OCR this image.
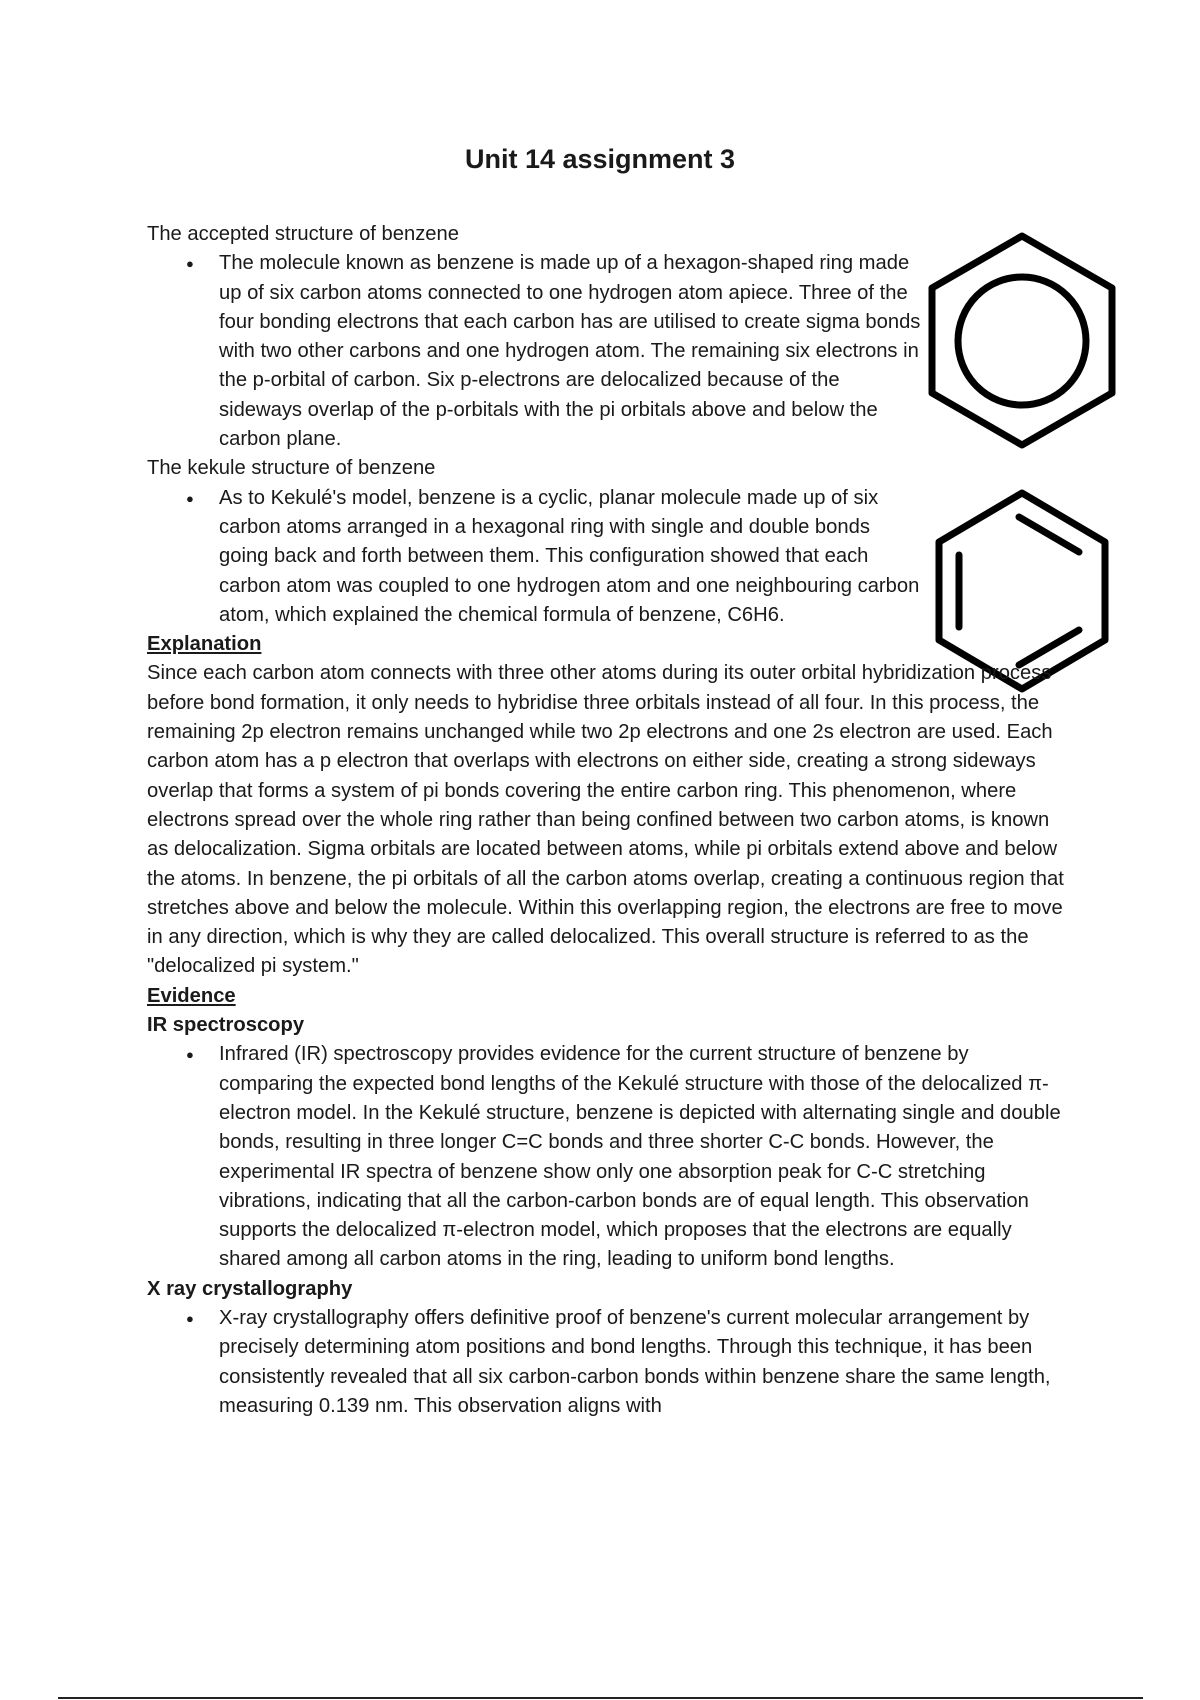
Unit 14 assignment 3

The accepted structure of benzene

● The molecule known as benzene is made up of a hexagon-shaped ring made up of six carbon atoms connected to one hydrogen atom apiece. Three of the four bonding electrons that each carbon has are utilised to create sigma bonds with two other carbons and one hydrogen atom. The remaining six electrons in the p-orbital of carbon. Six p-electrons are delocalized because of the sideways overlap of the p-orbitals with the pi orbitals above and below the carbon plane.

The kekule structure of benzene

● As to Kekulé's model, benzene is a cyclic, planar molecule made up of six carbon atoms arranged in a hexagonal ring with single and double bonds going back and forth between them. This configuration showed that each carbon atom was coupled to one hydrogen atom and one neighbouring carbon atom, which explained the chemical formula of benzene, C6H6.

Explanation

Since each carbon atom connects with three other atoms during its outer orbital hybridization process before bond formation, it only needs to hybridise three orbitals instead of all four. In this process, the remaining 2p electron remains unchanged while two 2p electrons and one 2s electron are used. Each carbon atom has a p electron that overlaps with electrons on either side, creating a strong sideways overlap that forms a system of pi bonds covering the entire carbon ring. This phenomenon, where electrons spread over the whole ring rather than being confined between two carbon atoms, is known as delocalization. Sigma orbitals are located between atoms, while pi orbitals extend above and below the atoms. In benzene, the pi orbitals of all the carbon atoms overlap, creating a continuous region that stretches above and below the molecule. Within this overlapping region, the electrons are free to move in any direction, which is why they are called delocalized. This overall structure is referred to as the "delocalized pi system."

Evidence

IR spectroscopy

● Infrared (IR) spectroscopy provides evidence for the current structure of benzene by comparing the expected bond lengths of the Kekulé structure with those of the delocalized π-electron model. In the Kekulé structure, benzene is depicted with alternating single and double bonds, resulting in three longer C=C bonds and three shorter C-C bonds. However, the experimental IR spectra of benzene show only one absorption peak for C-C stretching vibrations, indicating that all the carbon-carbon bonds are of equal length. This observation supports the delocalized π-electron model, which proposes that the electrons are equally shared among all carbon atoms in the ring, leading to uniform bond lengths.

X ray crystallography

● X-ray crystallography offers definitive proof of benzene's current molecular arrangement by precisely determining atom positions and bond lengths. Through this technique, it has been consistently revealed that all six carbon-carbon bonds within benzene share the same length, measuring 0.139 nm. This observation aligns with
